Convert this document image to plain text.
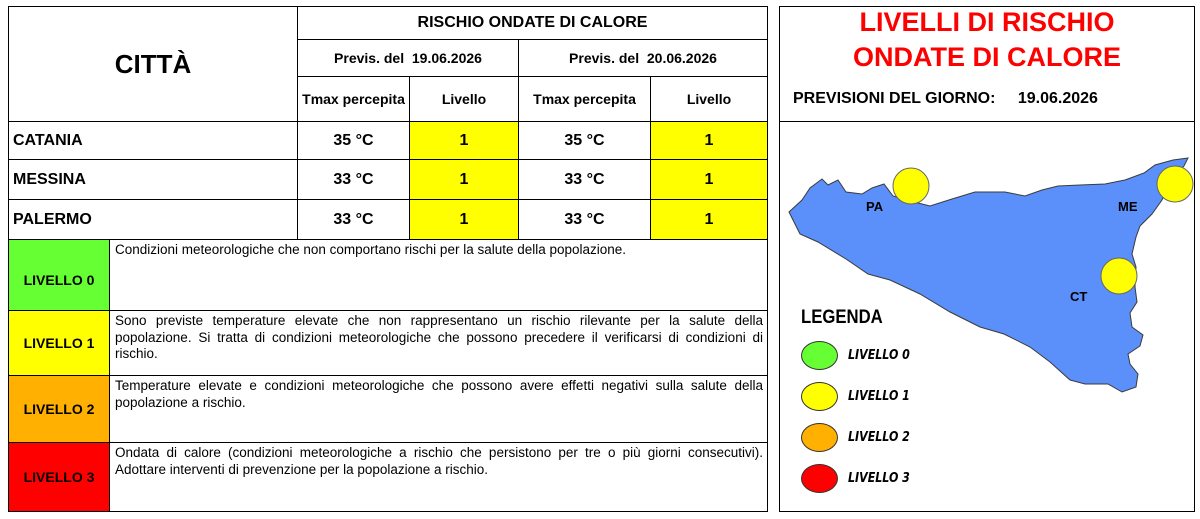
CITTÀ
RISCHIO ONDATE DI CALORE
Previs. del  19.06.2026	Previs. del  20.06.2026
Tmax percepita	Livello	Tmax percepita	Livello
CATANIA	35 °C	1	35 °C	1
MESSINA	33 °C	1	33 °C	1
PALERMO	33 °C	1	33 °C	1
LIVELLO 0
Condizioni meteorologiche che non comportano rischi per la salute della popolazione.
LIVELLO 1
Sono previste temperature elevate che non rappresentano un rischio rilevante per la salute della popolazione. Si tratta di condizioni meteorologiche che possono precedere il verificarsi di condizioni di rischio.
LIVELLO 2
Temperature elevate e condizioni meteorologiche che possono avere effetti negativi sulla salute della popolazione a rischio.
LIVELLO 3
Ondata di calore (condizioni meteorologiche a rischio che persistono per tre o più giorni consecutivi). Adottare interventi di prevenzione per la popolazione a rischio.
LIVELLI DI RISCHIO
ONDATE DI CALORE
PREVISIONI DEL GIORNO: 19.06.2026
PA	ME
CT
LEGENDA
LIVELLO 0
LIVELLO 1
LIVELLO 2
LIVELLO 3
